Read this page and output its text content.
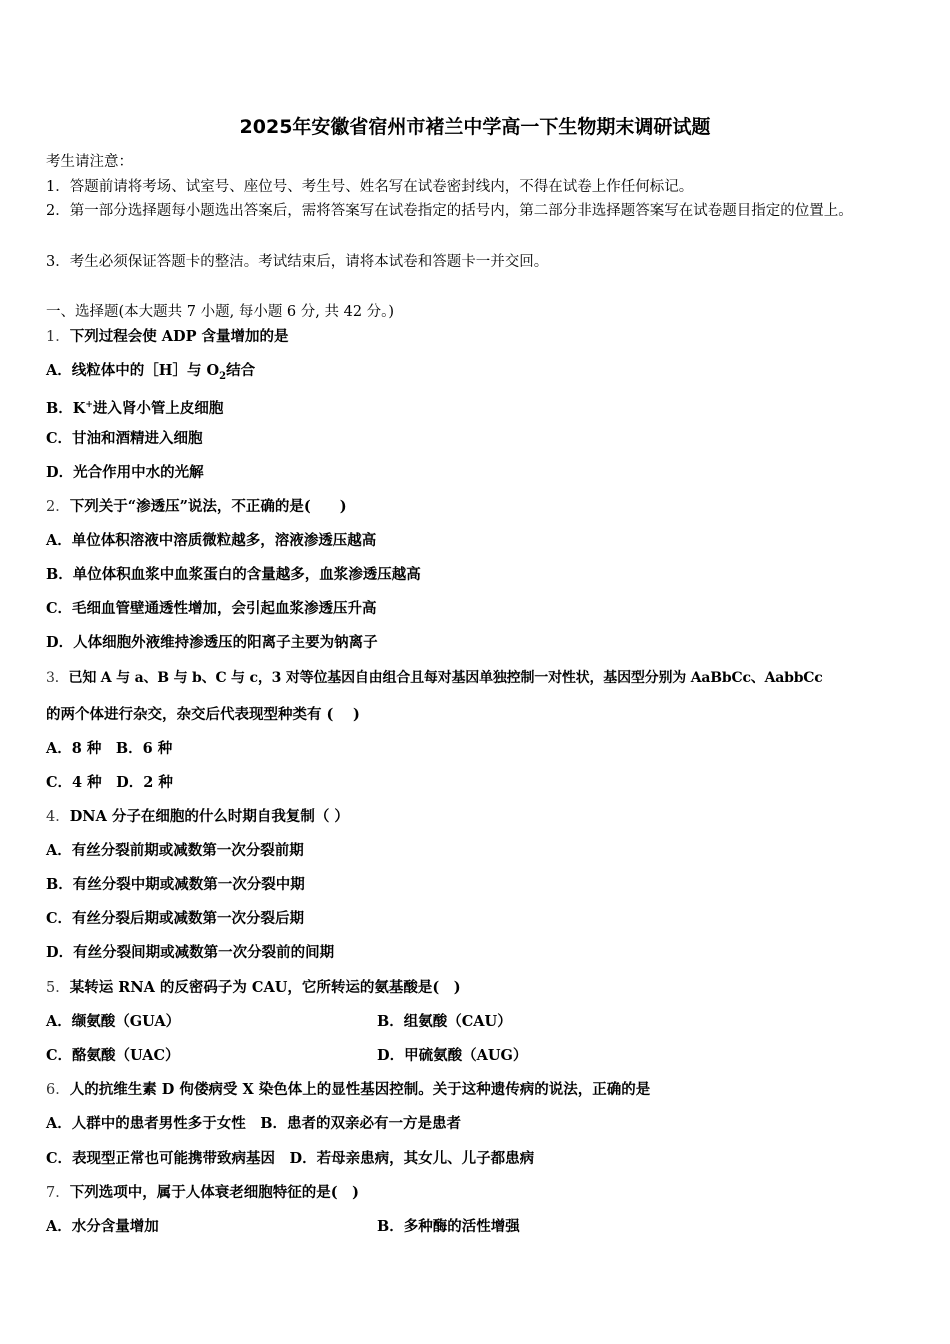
2025年安徽省宿州市褚兰中学高一下生物期末调研试题
考生请注意：
1．答题前请将考场、试室号、座位号、考生号、姓名写在试卷密封线内，不得在试卷上作任何标记。
2．第一部分选择题每小题选出答案后，需将答案写在试卷指定的括号内，第二部分非选择题答案写在试卷题目指定的位置上。
3．考生必须保证答题卡的整洁。考试结束后，请将本试卷和答题卡一并交回。
一、选择题(本大题共 7 小题, 每小题 6 分, 共 42 分。)
1．下列过程会使 ADP 含量增加的是
A．线粒体中的［H］与 $O_2$结合
B．K+进入肾小管上皮细胞
C．甘油和酒精进入细胞
D．光合作用中水的光解
2．下列关于“渗透压”说法，不正确的是(　　)
A．单位体积溶液中溶质微粒越多，溶液渗透压越高
B．单位体积血浆中血浆蛋白的含量越多，血浆渗透压越高
C．毛细血管壁通透性增加，会引起血浆渗透压升高
D．人体细胞外液维持渗透压的阳离子主要为钠离子
3．已知 A 与 a、B 与 b、C 与 c，3 对等位基因自由组合且每对基因单独控制一对性状，基因型分别为 AaBbCc、AabbCc
的两个体进行杂交，杂交后代表现型种类有 (　 )
A．8 种　B．6 种
C．4 种　D．2 种
4．DNA 分子在细胞的什么时期自我复制（ ）
A．有丝分裂前期或减数第一次分裂前期
B．有丝分裂中期或减数第一次分裂中期
C．有丝分裂后期或减数第一次分裂后期
D．有丝分裂间期或减数第一次分裂前的间期
5．某转运 RNA 的反密码子为 CAU，它所转运的氨基酸是(　)
A．缬氨酸（GUA）	B．组氨酸（CAU）
C．酪氨酸（UAC）	D．甲硫氨酸（AUG）
6．人的抗维生素 D 佝偻病受 X 染色体上的显性基因控制。关于这种遗传病的说法，正确的是
A．人群中的患者男性多于女性　B．患者的双亲必有一方是患者
C．表现型正常也可能携带致病基因　D．若母亲患病，其女儿、儿子都患病
7．下列选项中，属于人体衰老细胞特征的是(　)
A．水分含量增加	B．多种酶的活性增强
